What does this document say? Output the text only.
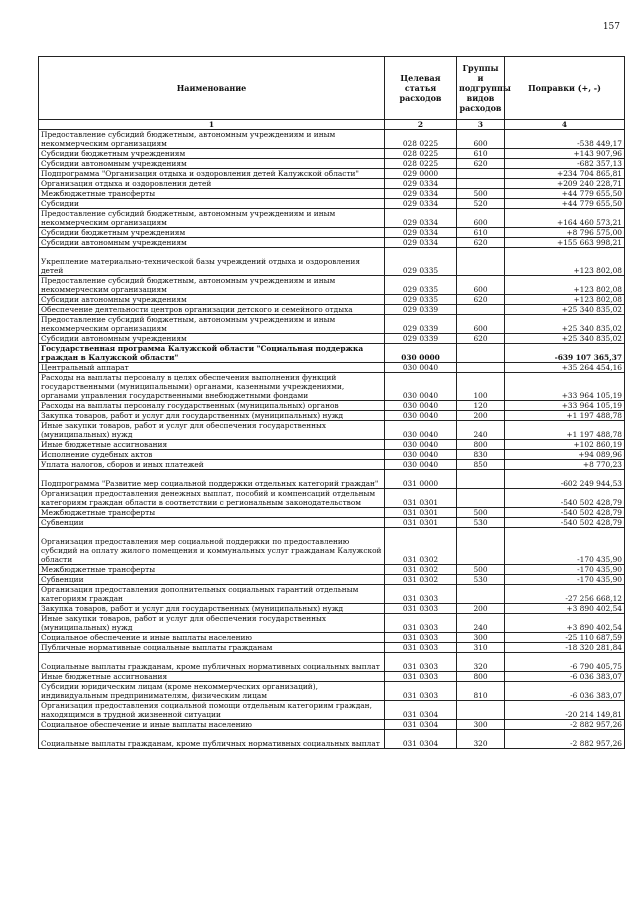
157
Наименование	Целевая статья расходов	Группы и подгруппы видов расходов	Поправки (+, -)
1	2	3	4
Предоставление субсидий бюджетным, автономным учреждениям и иным некоммерческим организациям	028 0225	600	-538 449,17
Субсидии бюджетным учреждениям	028 0225	610	+143 907,96
Субсидии автономным учреждениям	028 0225	620	-682 357,13
Подпрограмма "Организация отдыха и оздоровления детей Калужской области"	029 0000		+234 704 865,81
Организация отдыха и оздоровления детей	029 0334		+209 240 228,71
Межбюджетные трансферты	029 0334	500	+44 779 655,50
Субсидии	029 0334	520	+44 779 655,50
Предоставление субсидий бюджетным, автономным учреждениям и иным некоммерческим организациям	029 0334	600	+164 460 573,21
Субсидии бюджетным учреждениям	029 0334	610	+8 796 575,00
Субсидии автономным учреждениям	029 0334	620	+155 663 998,21
Укрепление материально-технической базы учреждений отдыха и оздоровления детей	029 0335		+123 802,08
Предоставление субсидий бюджетным, автономным учреждениям и иным некоммерческим организациям	029 0335	600	+123 802,08
Субсидии автономным учреждениям	029 0335	620	+123 802,08
Обеспечение деятельности центров организации детского и семейного отдыха	029 0339		+25 340 835,02
Предоставление субсидий бюджетным, автономным учреждениям и иным некоммерческим организациям	029 0339	600	+25 340 835,02
Субсидии автономным учреждениям	029 0339	620	+25 340 835,02
Государственная программа Калужской области "Социальная поддержка граждан в Калужской области"	030 0000		-639 107 365,37
Центральный аппарат	030 0040		+35 264 454,16
Расходы на выплаты персоналу в целях обеспечения выполнения функций государственными (муниципальными) органами, казенными учреждениями, органами управления государственными внебюджетными фондами	030 0040	100	+33 964 105,19
Расходы на выплаты персоналу государственных (муниципальных) органов	030 0040	120	+33 964 105,19
Закупка товаров, работ и услуг для государственных (муниципальных) нужд	030 0040	200	+1 197 488,78
Иные закупки товаров, работ и услуг для обеспечения государственных (муниципальных) нужд	030 0040	240	+1 197 488,78
Иные бюджетные ассигнования	030 0040	800	+102 860,19
Исполнение судебных актов	030 0040	830	+94 089,96
Уплата налогов, сборов и иных платежей	030 0040	850	+8 770,23
Подпрограмма "Развитие мер социальной поддержки отдельных категорий граждан"	031 0000		-602 249 944,53
Организация предоставления денежных выплат, пособий и компенсаций отдельным категориям граждан области в соответствии с региональным законодательством	031 0301		-540 502 428,79
Межбюджетные трансферты	031 0301	500	-540 502 428,79
Субвенции	031 0301	530	-540 502 428,79
Организация предоставления мер социальной поддержки по предоставлению субсидий на оплату жилого помещения и коммунальных услуг гражданам Калужской области	031 0302		-170 435,90
Межбюджетные трансферты	031 0302	500	-170 435,90
Субвенции	031 0302	530	-170 435,90
Организация предоставления дополнительных социальных гарантий отдельным категориям граждан	031 0303		-27 256 668,12
Закупка товаров, работ и услуг для государственных (муниципальных) нужд	031 0303	200	+3 890 402,54
Иные закупки товаров, работ и услуг для обеспечения государственных (муниципальных) нужд	031 0303	240	+3 890 402,54
Социальное обеспечение и иные выплаты населению	031 0303	300	-25 110 687,59
Публичные нормативные социальные выплаты гражданам	031 0303	310	-18 320 281,84
Социальные выплаты гражданам, кроме публичных нормативных социальных выплат	031 0303	320	-6 790 405,75
Иные бюджетные ассигнования	031 0303	800	-6 036 383,07
Субсидии юридическим лицам (кроме некоммерческих организаций), индивидуальным предпринимателям, физическим лицам	031 0303	810	-6 036 383,07
Организация предоставления социальной помощи отдельным категориям граждан, находящимся в трудной жизненной ситуации	031 0304		-20 214 149,81
Социальное обеспечение и иные выплаты населению	031 0304	300	-2 882 957,26
Социальные выплаты гражданам, кроме публичных нормативных социальных выплат	031 0304	320	-2 882 957,26
